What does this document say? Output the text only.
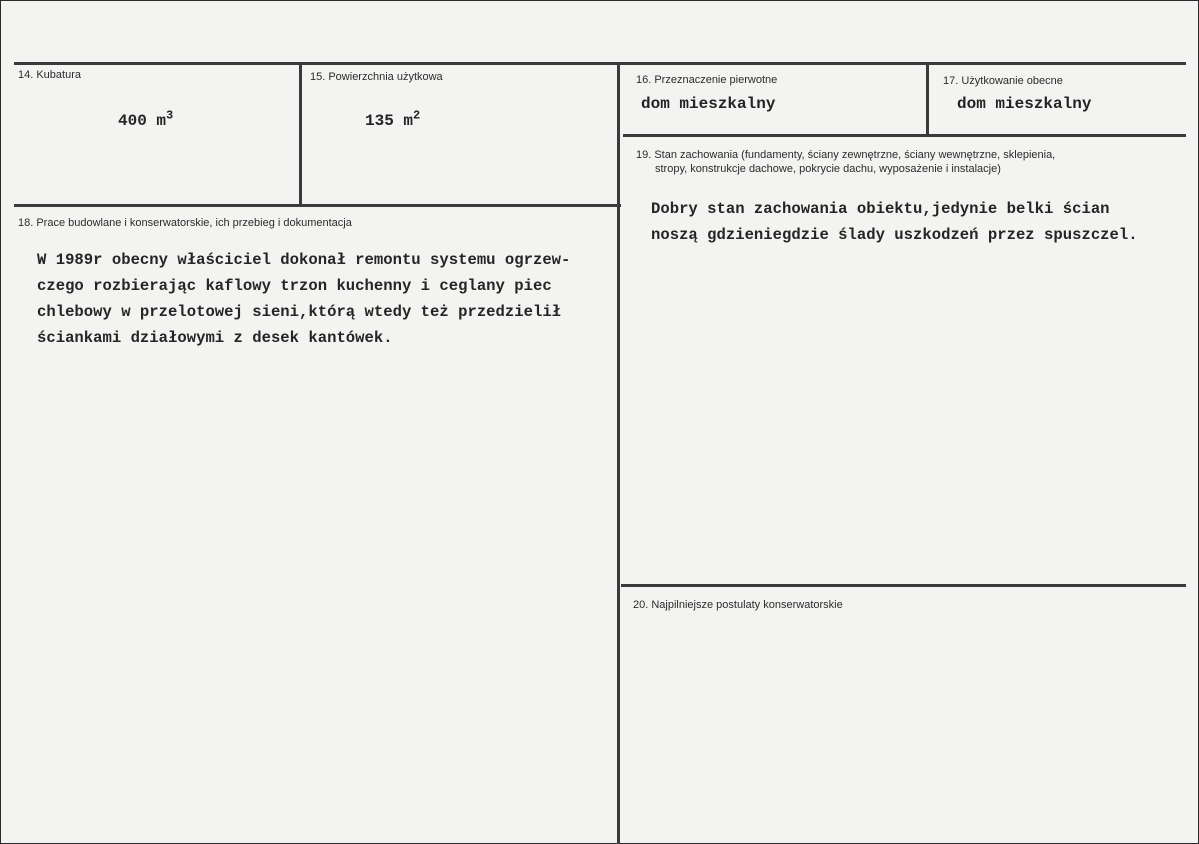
14. Kubatura
400 $m^3$
15. Powierzchnia użytkowa
135 $m^2$
16. Przeznaczenie pierwotne
dom mieszkalny
17. Użytkowanie obecne
dom mieszkalny
18. Prace budowlane i konserwatorskie, ich przebieg i dokumentacja
W 1989r obecny właściciel dokonał remontu systemu ogrzew-
czego rozbierając kaflowy trzon kuchenny i ceglany piec
chlebowy w przelotowej sieni,którą wtedy też przedzielił
ściankami działowymi z desek kantówek.
19. Stan zachowania (fundamenty, ściany zewnętrzne, ściany wewnętrzne, sklepienia,
stropy, konstrukcje dachowe, pokrycie dachu, wyposażenie i instalacje)
Dobry stan zachowania obiektu,jedynie belki ścian
noszą gdzieniegdzie ślady uszkodzeń przez spuszczel.
20. Najpilniejsze postulaty konserwatorskie
